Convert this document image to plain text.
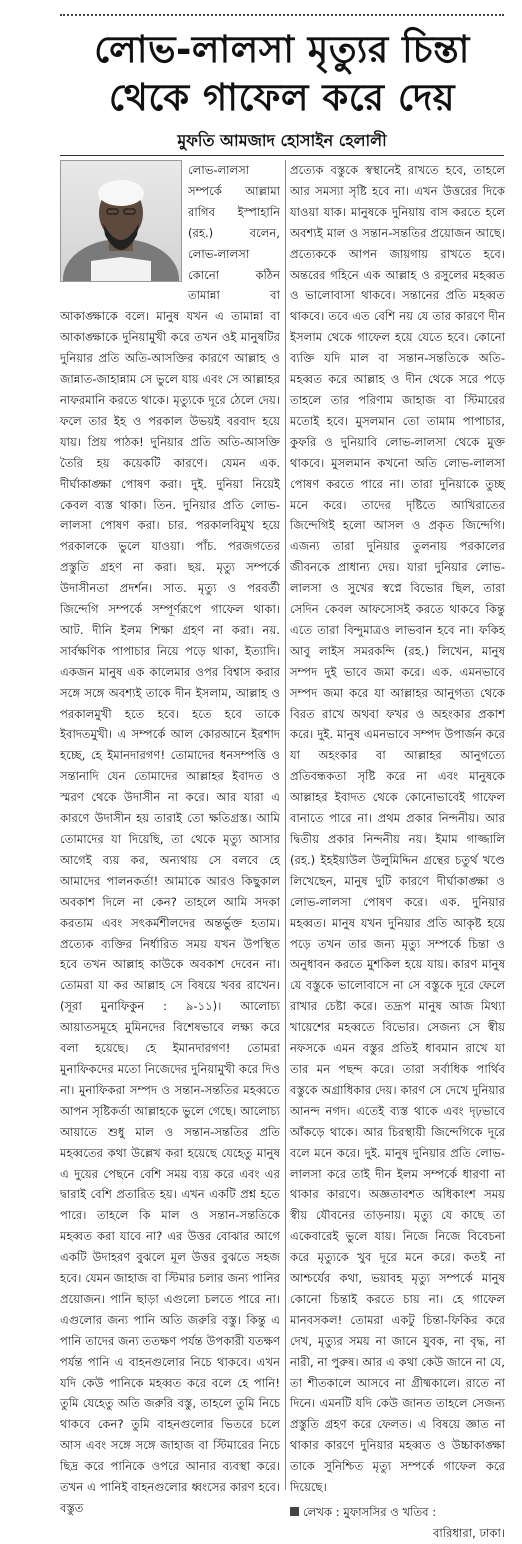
লোভ-লালসা মৃত্যুর চিন্তা
থেকে গাফেল করে দেয়
মুফতি আমজাদ হোসাইন হেলালী

লোভ-লালসা সম্পর্কে আল্লামা রাগিব ইস্পাহানি (রহ.) বলেন, লোভ-লালসা কোনো কঠিন তামান্না বা আকাঙ্ক্ষাকে বলে। মানুষ যখন এ তামান্না বা আকাঙ্ক্ষাকে দুনিয়ামুখী করে তখন ওই মানুষটির দুনিয়ার প্রতি অতি-আসক্তির কারণে আল্লাহ ও জান্নাত-জাহান্নাম সে ভুলে যায় এবং সে আল্লাহর নাফরমানি করতে থাকে। মৃত্যুকে দূরে ঠেলে দেয়। ফলে তার ইহ ও পরকাল উভয়ই বরবাদ হয়ে যায়। প্রিয় পাঠক! দুনিয়ার প্রতি অতি-আসক্তি তৈরি হয় কয়েকটি কারণে। যেমন এক. দীর্ঘাকাঙ্ক্ষা পোষণ করা। দুই. দুনিয়া নিয়েই কেবল ব্যস্ত থাকা। তিন. দুনিয়ার প্রতি লোভ-লালসা পোষণ করা। চার. পরকালবিমুখ হয়ে পরকালকে ভুলে যাওয়া। পাঁচ. পরজগতের প্রস্তুতি গ্রহণ না করা। ছয়. মৃত্যু সম্পর্কে উদাসীনতা প্রদর্শন। সাত. মৃত্যু ও পরবর্তী জিন্দেগি সম্পর্কে সম্পূর্ণরূপে গাফেল থাকা। আট. দীনি ইলম শিক্ষা গ্রহণ না করা। নয়. সার্বক্ষণিক পাপাচার নিয়ে পড়ে থাকা, ইত্যাদি। একজন মানুষ এক কালেমার ওপর বিশ্বাস করার সঙ্গে সঙ্গে অবশ্যই তাকে দীন ইসলাম, আল্লাহ ও পরকালমুখী হতে হবে। হতে হবে তাকে ইবাদতমুখী। এ সম্পর্কে আল কোরআনে ইরশাদ হচ্ছে, হে ইমানদারগণ! তোমাদের ধনসম্পত্তি ও সন্তানাদি যেন তোমাদের আল্লাহর ইবাদত ও স্মরণ থেকে উদাসীন না করে। আর যারা এ কারণে উদাসীন হয় তারাই তো ক্ষতিগ্রস্ত। আমি তোমাদের যা দিয়েছি, তা থেকে মৃত্যু আসার আগেই ব্যয় কর, অন্যথায় সে বলবে হে আমাদের পালনকর্তা! আমাকে আরও কিছুকাল অবকাশ দিলে না কেন? তাহলে আমি সদকা করতাম এবং সৎকর্মশীলদের অন্তর্ভুক্ত হতাম। প্রত্যেক ব্যক্তির নির্ধারিত সময় যখন উপস্থিত হবে তখন আল্লাহ কাউকে অবকাশ দেবেন না। তোমরা যা কর আল্লাহ সে বিষয়ে খবর রাখেন। (সূরা মুনাফিকুন : ৯-১১)। আলোচ্য আয়াতসমূহে মুমিনদের বিশেষভাবে লক্ষ্য করে বলা হয়েছে। হে ইমানদারগণ! তোমরা মুনাফিকদের মতো নিজেদের দুনিয়ামুখী করে দিও না। মুনাফিকরা সম্পদ ও সন্তান-সন্ততির মহব্বতে আপন সৃষ্টিকর্তা আল্লাহকে ভুলে গেছে। আলোচ্য আয়াতে শুধু মাল ও সন্তান-সন্ততির প্রতি মহব্বতের কথা উল্লেখ করা হয়েছে যেহেতু মানুষ এ দুয়ের পেছনে বেশি সময় ব্যয় করে এবং এর দ্বারাই বেশি প্রতারিত হয়। এখন একটি প্রশ্ন হতে পারে। তাহলে কি মাল ও সন্তান-সন্ততিকে মহব্বত করা যাবে না? এর উত্তর বোঝার আগে একটি উদাহরণ বুঝলে মূল উত্তর বুঝতে সহজ হবে। যেমন জাহাজ বা স্টিমার চলার জন্য পানির প্রয়োজন। পানি ছাড়া এগুলো চলতে পারে না। এগুলোর জন্য পানি অতি জরুরি বস্তু। কিন্তু এ পানি তাদের জন্য ততক্ষণ পর্যন্ত উপকারী যতক্ষণ পর্যন্ত পানি এ বাহনগুলোর নিচে থাকবে। এখন যদি কেউ পানিকে মহব্বত করে বলে হে পানি! তুমি যেহেতু অতি জরুরি বস্তু, তাহলে তুমি নিচে থাকবে কেন? তুমি বাহনগুলোর ভিতরে চলে আস এবং সঙ্গে সঙ্গে জাহাজ বা স্টিমারের নিচে ছিদ্র করে পানিকে ওপরে আনার ব্যবস্থা করে। তখন এ পানিই বাহনগুলোর ধ্বংসের কারণ হবে। বস্তুত

প্রত্যেক বস্তুকে স্বস্থানেই রাখতে হবে, তাহলে আর সমস্যা সৃষ্টি হবে না। এখন উত্তরের দিকে যাওয়া যাক। মানুষকে দুনিয়ায় বাস করতে হলে অবশ্যই মাল ও সন্তান-সন্ততির প্রয়োজন আছে। প্রত্যেককে আপন জায়গায় রাখতে হবে। অন্তরের গহিনে এক আল্লাহ ও রসুলের মহব্বত ও ভালোবাসা থাকবে। সন্তানের প্রতি মহব্বত থাকবে। তবে এত বেশি নয় যে তার কারণে দীন ইসলাম থেকে গাফেল হয়ে যেতে হবে। কোনো ব্যক্তি যদি মাল বা সন্তান-সন্ততিকে অতি-মহব্বত করে আল্লাহ ও দীন থেকে সরে পড়ে তাহলে তার পরিণাম জাহাজ বা স্টিমারের মতোই হবে। মুসলমান তো তামাম পাপাচার, কুফরি ও দুনিয়াবি লোভ-লালসা থেকে মুক্ত থাকবে। মুসলমান কখনো অতি লোভ-লালসা পোষণ করতে পারে না। তারা দুনিয়াকে তুচ্ছ মনে করে। তাদের দৃষ্টিতে আখিরাতের জিন্দেগিই হলো আসল ও প্রকৃত জিন্দেগি। এজন্য তারা দুনিয়ার তুলনায় পরকালের জীবনকে প্রাধান্য দেয়। যারা দুনিয়ার লোভ-লালসা ও সুখের স্বপ্নে বিভোর ছিল, তারা সেদিন কেবল আফসোসই করতে থাকবে কিন্তু এতে তারা বিন্দুমাত্রও লাভবান হবে না। ফকিহ আবু লাইস সমরকন্দি (রহ.) লিখেন, মানুষ সম্পদ দুই ভাবে জমা করে। এক. এমনভাবে সম্পদ জমা করে যা আল্লাহর আনুগত্য থেকে বিরত রাখে অথবা ফখর ও অহংকার প্রকাশ করে। দুই. মানুষ এমনভাবে সম্পদ উপার্জন করে যা অহংকার বা আল্লাহর আনুগত্যে প্রতিবন্ধকতা সৃষ্টি করে না এবং মানুষকে আল্লাহর ইবাদত থেকে কোনোভাবেই গাফেল বানাতে পারে না। প্রথম প্রকার নিন্দনীয়। আর দ্বিতীয় প্রকার নিন্দনীয় নয়। ইমাম গাজ্জালি (রহ.) ইহইয়াউল উলুমিদ্দিন গ্রন্থের চতুর্থ খণ্ডে লিখেছেন, মানুষ দুটি কারণে দীর্ঘাকাঙ্ক্ষা ও লোভ-লালসা পোষণ করে। এক. দুনিয়ার মহব্বত। মানুষ যখন দুনিয়ার প্রতি আকৃষ্ট হয়ে পড়ে তখন তার জন্য মৃত্যু সম্পর্কে চিন্তা ও অনুধাবন করতে মুশকিল হয়ে যায়। কারণ মানুষ যে বস্তুকে ভালোবাসে না সে বস্তুকে দূরে ফেলে রাখার চেষ্টা করে। তদ্রূপ মানুষ আজ মিথ্যা খায়েশের মহব্বতে বিভোর। সেজন্য সে স্বীয় নফসকে এমন বস্তুর প্রতিই ধাবমান রাখে যা তার মন পছন্দ করে। তারা সর্বাধিক পার্থিব বস্তুকে অগ্রাধিকার দেয়। কারণ সে দেখে দুনিয়ার আনন্দ নগদ। এতেই ব্যস্ত থাকে এবং দৃঢ়ভাবে আঁকড়ে থাকে। আর চিরস্থায়ী জিন্দেগিকে দূরে বলে মনে করে। দুই. মানুষ দুনিয়ার প্রতি লোভ-লালসা করে তাই দীন ইলম সম্পর্কে ধারণা না থাকার কারণে। অজ্ঞতাবশত অধিকাংশ সময় স্বীয় যৌবনের তাড়নায়। মৃত্যু যে কাছে তা একেবারেই ভুলে যায়। নিজে নিজে বিবেচনা করে মৃত্যুকে খুব দূরে মনে করে। কতই না আশ্চর্যের কথা, ভয়াবহ মৃত্যু সম্পর্কে মানুষ কোনো চিন্তাই করতে চায় না। হে গাফেল মানবসকল! তোমরা একটু চিন্তা-ফিকির করে দেখ, মৃত্যুর সময় না জানে যুবক, না বৃদ্ধ, না নারী, না পুরুষ। আর এ কথা কেউ জানে না যে, তা শীতকালে আসবে না গ্রীষ্মকালে। রাতে না দিনে। এমনটি যদি কেউ জানত তাহলে সেজন্য প্রস্তুতি গ্রহণ করে ফেলত। এ বিষয়ে জ্ঞাত না থাকার কারণে দুনিয়ার মহব্বত ও উচ্চাকাঙ্ক্ষা তাকে সুনিশ্চিত মৃত্যু সম্পর্কে গাফেল করে দিয়েছে।

লেখক : মুফাসসির ও খতিব :
বারিধারা, ঢাকা।
